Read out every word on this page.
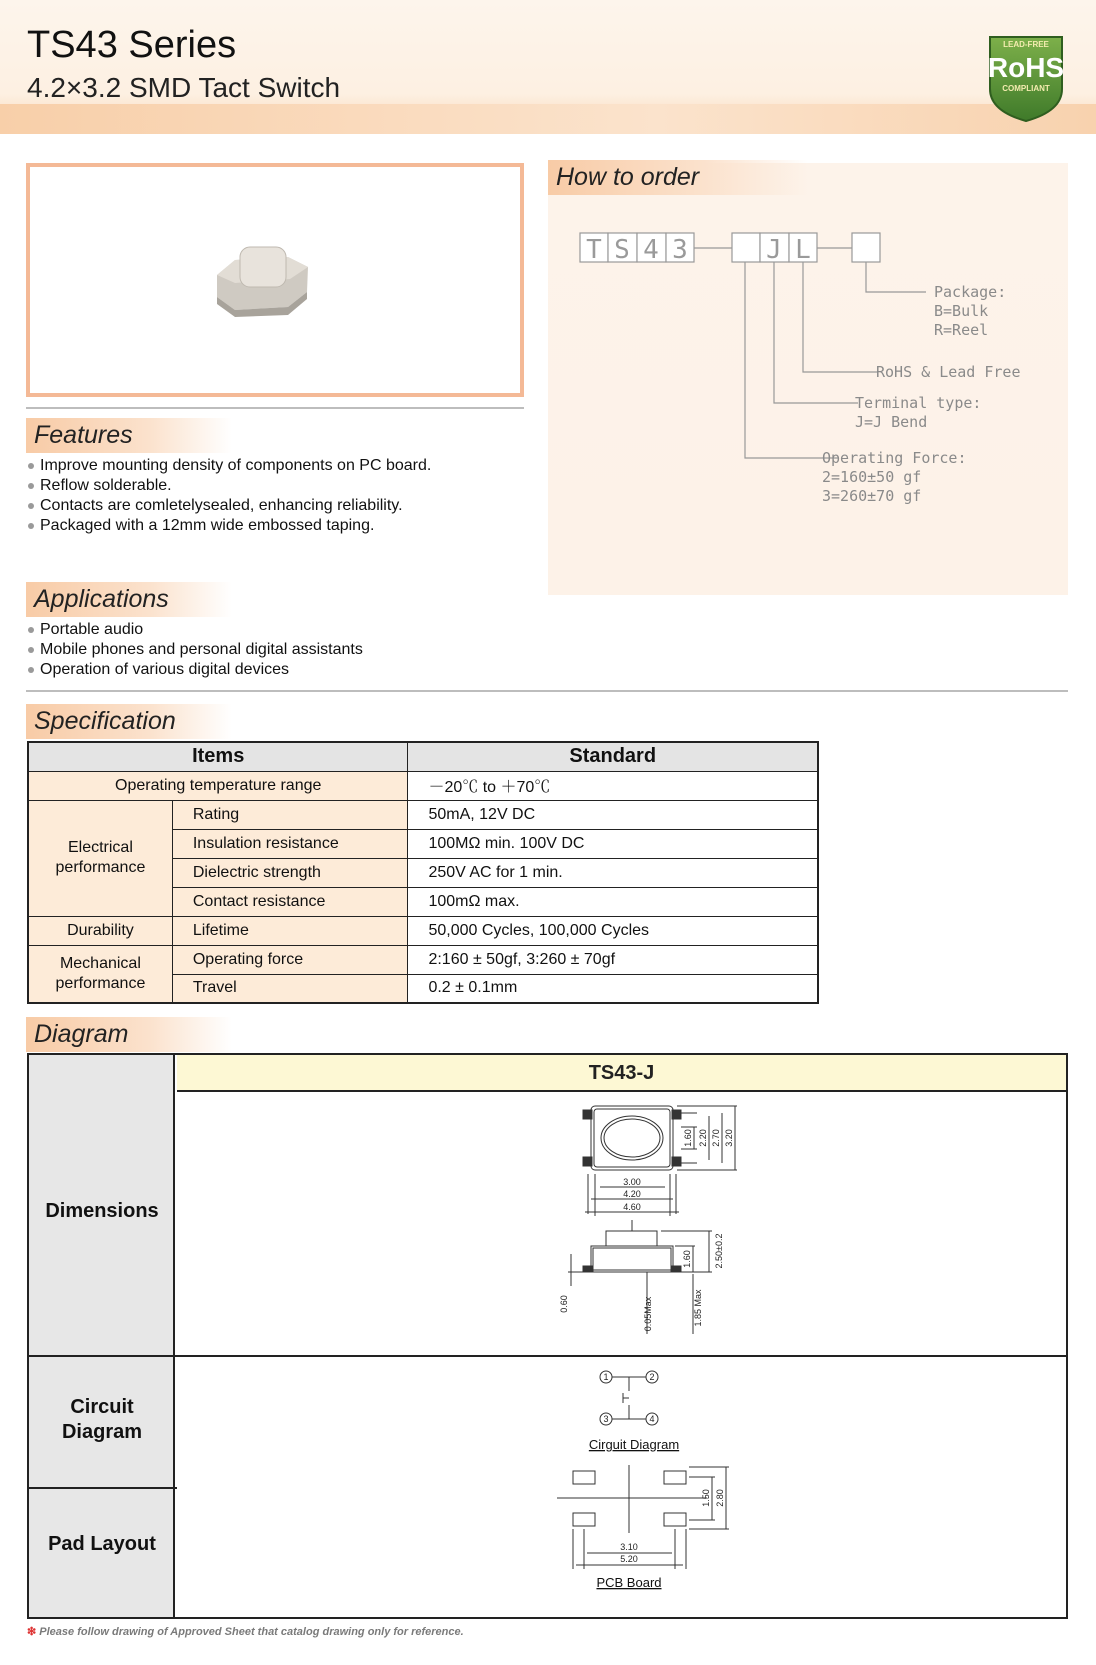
TS43 Series
4.2×3.2 SMD Tact Switch
LEAD-FREE
RoHS
COMPLIANT
Features
Improve mounting density of components on PC board.
Reflow solderable.
Contacts are comletelysealed, enhancing reliability.
Packaged with a 12mm wide embossed taping.
Applications
Portable audio
Mobile phones and personal digital assistants
Operation of various digital devices
T S 4 3	J L
Package:
B=Bulk
R=Reel
RoHS & Lead Free
Terminal type:
J=J Bend
Operating Force:
2=160±50 gf
3=260±70 gf
How to order
Specification
Items		Standard
Operating temperature range		－20℃ to ＋70℃
Electrical
performance	Rating	50mA, 12V DC
	Insulation resistance	100MΩ min. 100V DC
	Dielectric strength	250V AC for 1 min.
	Contact resistance	100mΩ max.
Durability	Lifetime	50,000 Cycles, 100,000 Cycles
Mechanical
performance	Operating force	2:160 ± 50gf, 3:260 ± 70gf
	Travel	0.2 ± 0.1mm
Diagram
Dimensions
Circuit
Diagram
Pad Layout
TS43-J
1.60 2.20 2.70 3.20
3.00
4.20
4.60
1.60 2.50±0.2
0.60	0.05Max	1.85 Max
1	2
3	4
Cirguit Diagram
1.50 2.80
3.10
5.20
PCB Board
❇ Please follow drawing of Approved Sheet that catalog drawing only for reference.
